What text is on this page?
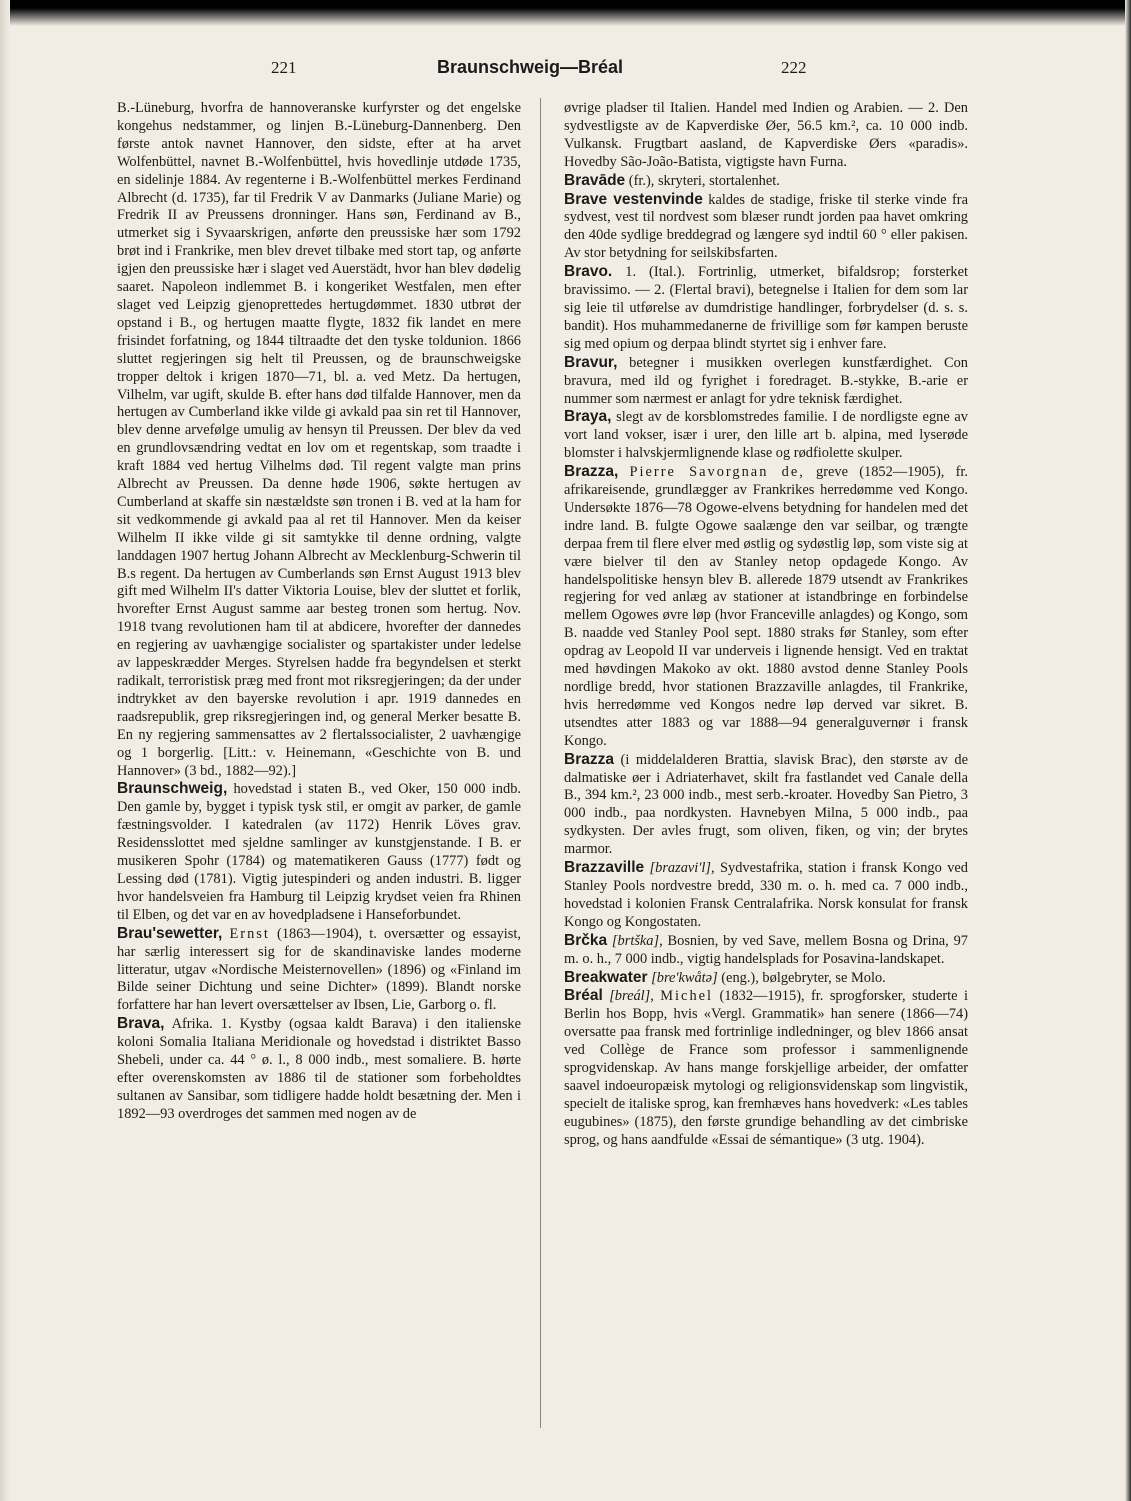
221	Braunschweig—Bréal	222

B.-Lüneburg, hvorfra de hannoveranske kurfyrster og det engelske kongehus nedstammer, og linjen B.-Lüneburg-Dannenberg. Den første antok navnet Hannover, den sidste, efter at ha arvet Wolfenbüttel, navnet B.-Wolfenbüttel, hvis hovedlinje utdøde 1735, en sidelinje 1884. Av regenterne i B.-Wolfenbüttel merkes Ferdinand Albrecht (d. 1735), far til Fredrik V av Danmarks (Juliane Marie) og Fredrik II av Preussens dronninger. Hans søn, Ferdinand av B., utmerket sig i Syvaarskrigen, anførte den preussiske hær som 1792 brøt ind i Frankrike, men blev drevet tilbake med stort tap, og anførte igjen den preussiske hær i slaget ved Auerstädt, hvor han blev dødelig saaret. Napoleon indlemmet B. i kongeriket Westfalen, men efter slaget ved Leipzig gjenoprettedes hertugdømmet. 1830 utbrøt der opstand i B., og hertugen maatte flygte, 1832 fik landet en mere frisindet forfatning, og 1844 tiltraadte det den tyske toldunion. 1866 sluttet regjeringen sig helt til Preussen, og de braunschweigske tropper deltok i krigen 1870—71, bl. a. ved Metz. Da hertugen, Vilhelm, var ugift, skulde B. efter hans død tilfalde Hannover, men da hertugen av Cumberland ikke vilde gi avkald paa sin ret til Hannover, blev denne arvefølge umulig av hensyn til Preussen. Der blev da ved en grundlovsændring vedtat en lov om et regentskap, som traadte i kraft 1884 ved hertug Vilhelms død. Til regent valgte man prins Albrecht av Preussen. Da denne høde 1906, søkte hertugen av Cumberland at skaffe sin næstældste søn tronen i B. ved at la ham for sit vedkommende gi avkald paa al ret til Hannover. Men da keiser Wilhelm II ikke vilde gi sit samtykke til denne ordning, valgte landdagen 1907 hertug Johann Albrecht av Mecklenburg-Schwerin til B.s regent. Da hertugen av Cumberlands søn Ernst August 1913 blev gift med Wilhelm II's datter Viktoria Louise, blev der sluttet et forlik, hvorefter Ernst August samme aar besteg tronen som hertug. Nov. 1918 tvang revolutionen ham til at abdicere, hvorefter der dannedes en regjering av uavhængige socialister og spartakister under ledelse av lappeskrædder Merges. Styrelsen hadde fra begyndelsen et sterkt radikalt, terroristisk præg med front mot riksregjeringen; da der under indtrykket av den bayerske revolution i apr. 1919 dannedes en raadsrepublik, grep riksregjeringen ind, og general Merker besatte B. En ny regjering sammensattes av 2 flertalssocialister, 2 uavhængige og 1 borgerlig. [Litt.: v. Heinemann, «Geschichte von B. und Hannover» (3 bd., 1882—92).]

Braunschweig, hovedstad i staten B., ved Oker, 150 000 indb. Den gamle by, bygget i typisk tysk stil, er omgit av parker, de gamle fæstningsvolder. I katedralen (av 1172) Henrik Löves grav. Residensslottet med sjeldne samlinger av kunstgjenstande. I B. er musikeren Spohr (1784) og matematikeren Gauss (1777) født og Lessing død (1781). Vigtig jutespinderi og anden industri. B. ligger hvor handelsveien fra Hamburg til Leipzig krydset veien fra Rhinen til Elben, og det var en av hovedpladsene i Hanseforbundet.

Brau'sewetter, Ernst (1863—1904), t. oversætter og essayist, har særlig interessert sig for de skandinaviske landes moderne litteratur, utgav «Nordische Meisternovellen» (1896) og «Finland im Bilde seiner Dichtung und seine Dichter» (1899). Blandt norske forfattere har han levert oversættelser av Ibsen, Lie, Garborg o. fl.

Brava, Afrika. 1. Kystby (ogsaa kaldt Barava) i den italienske koloni Somalia Italiana Meridionale og hovedstad i distriktet Basso Shebeli, under ca. 44 ° ø. l., 8 000 indb., mest somaliere. B. hørte efter overenskomsten av 1886 til de stationer som forbeholdtes sultanen av Sansibar, som tidligere hadde holdt besætning der. Men i 1892—93 overdroges det sammen med nogen av de

øvrige pladser til Italien. Handel med Indien og Arabien. — 2. Den sydvestligste av de Kapverdiske Øer, 56.5 km.², ca. 10 000 indb. Vulkansk. Frugtbart aasland, de Kapverdiske Øers «paradis». Hovedby São-João-Batista, vigtigste havn Furna.

Bravāde (fr.), skryteri, stortalenhet.

Brave vestenvinde kaldes de stadige, friske til sterke vinde fra sydvest, vest til nordvest som blæser rundt jorden paa havet omkring den 40de sydlige breddegrad og længere syd indtil 60 ° eller pakisen. Av stor betydning for seilskibsfarten.

Bravo. 1. (Ital.). Fortrinlig, utmerket, bifaldsrop; forsterket bravissimo. — 2. (Flertal bravi), betegnelse i Italien for dem som lar sig leie til utførelse av dumdristige handlinger, forbrydelser (d. s. s. bandit). Hos muhammedanerne de frivillige som før kampen beruste sig med opium og derpaa blindt styrtet sig i enhver fare.

Bravur, betegner i musikken overlegen kunstfærdighet. Con bravura, med ild og fyrighet i foredraget. B.-stykke, B.-arie er nummer som nærmest er anlagt for ydre teknisk færdighet.

Braya, slegt av de korsblomstredes familie. I de nordligste egne av vort land vokser, især i urer, den lille art b. alpina, med lyserøde blomster i halvskjermlignende klase og rødfiolette skulper.

Brazza, Pierre Savorgnan de, greve (1852—1905), fr. afrikareisende, grundlægger av Frankrikes herredømme ved Kongo. Undersøkte 1876—78 Ogowe-elvens betydning for handelen med det indre land. B. fulgte Ogowe saalænge den var seilbar, og trængte derpaa frem til flere elver med østlig og sydøstlig løp, som viste sig at være bielver til den av Stanley netop opdagede Kongo. Av handelspolitiske hensyn blev B. allerede 1879 utsendt av Frankrikes regjering for ved anlæg av stationer at istandbringe en forbindelse mellem Ogowes øvre løp (hvor Franceville anlagdes) og Kongo, som B. naadde ved Stanley Pool sept. 1880 straks før Stanley, som efter opdrag av Leopold II var underveis i lignende hensigt. Ved en traktat med høvdingen Makoko av okt. 1880 avstod denne Stanley Pools nordlige bredd, hvor stationen Brazzaville anlagdes, til Frankrike, hvis herredømme ved Kongos nedre løp derved var sikret. B. utsendtes atter 1883 og var 1888—94 generalguvernør i fransk Kongo.

Brazza (i middelalderen Brattia, slavisk Brac), den største av de dalmatiske øer i Adriaterhavet, skilt fra fastlandet ved Canale della B., 394 km.², 23 000 indb., mest serb.-kroater. Hovedby San Pietro, 3 000 indb., paa nordkysten. Havnebyen Milna, 5 000 indb., paa sydkysten. Der avles frugt, som oliven, fiken, og vin; der brytes marmor.

Brazzaville [brazavi'l], Sydvestafrika, station i fransk Kongo ved Stanley Pools nordvestre bredd, 330 m. o. h. med ca. 7 000 indb., hovedstad i kolonien Fransk Centralafrika. Norsk konsulat for fransk Kongo og Kongostaten.

Brčka [brtška], Bosnien, by ved Save, mellem Bosna og Drina, 97 m. o. h., 7 000 indb., vigtig handelsplads for Posavina-landskapet.

Breakwater [bre'kwåtə] (eng.), bølgebryter, se Molo.

Bréal [breál], Michel (1832—1915), fr. sprogforsker, studerte i Berlin hos Bopp, hvis «Vergl. Grammatik» han senere (1866—74) oversatte paa fransk med fortrinlige indledninger, og blev 1866 ansat ved Collège de France som professor i sammenlignende sprogvidenskap. Av hans mange forskjellige arbeider, der omfatter saavel indoeuropæisk mytologi og religionsvidenskap som lingvistik, specielt de italiske sprog, kan fremhæves hans hovedverk: «Les tables eugubines» (1875), den første grundige behandling av det cimbriske sprog, og hans aandfulde «Essai de sémantique» (3 utg. 1904).
